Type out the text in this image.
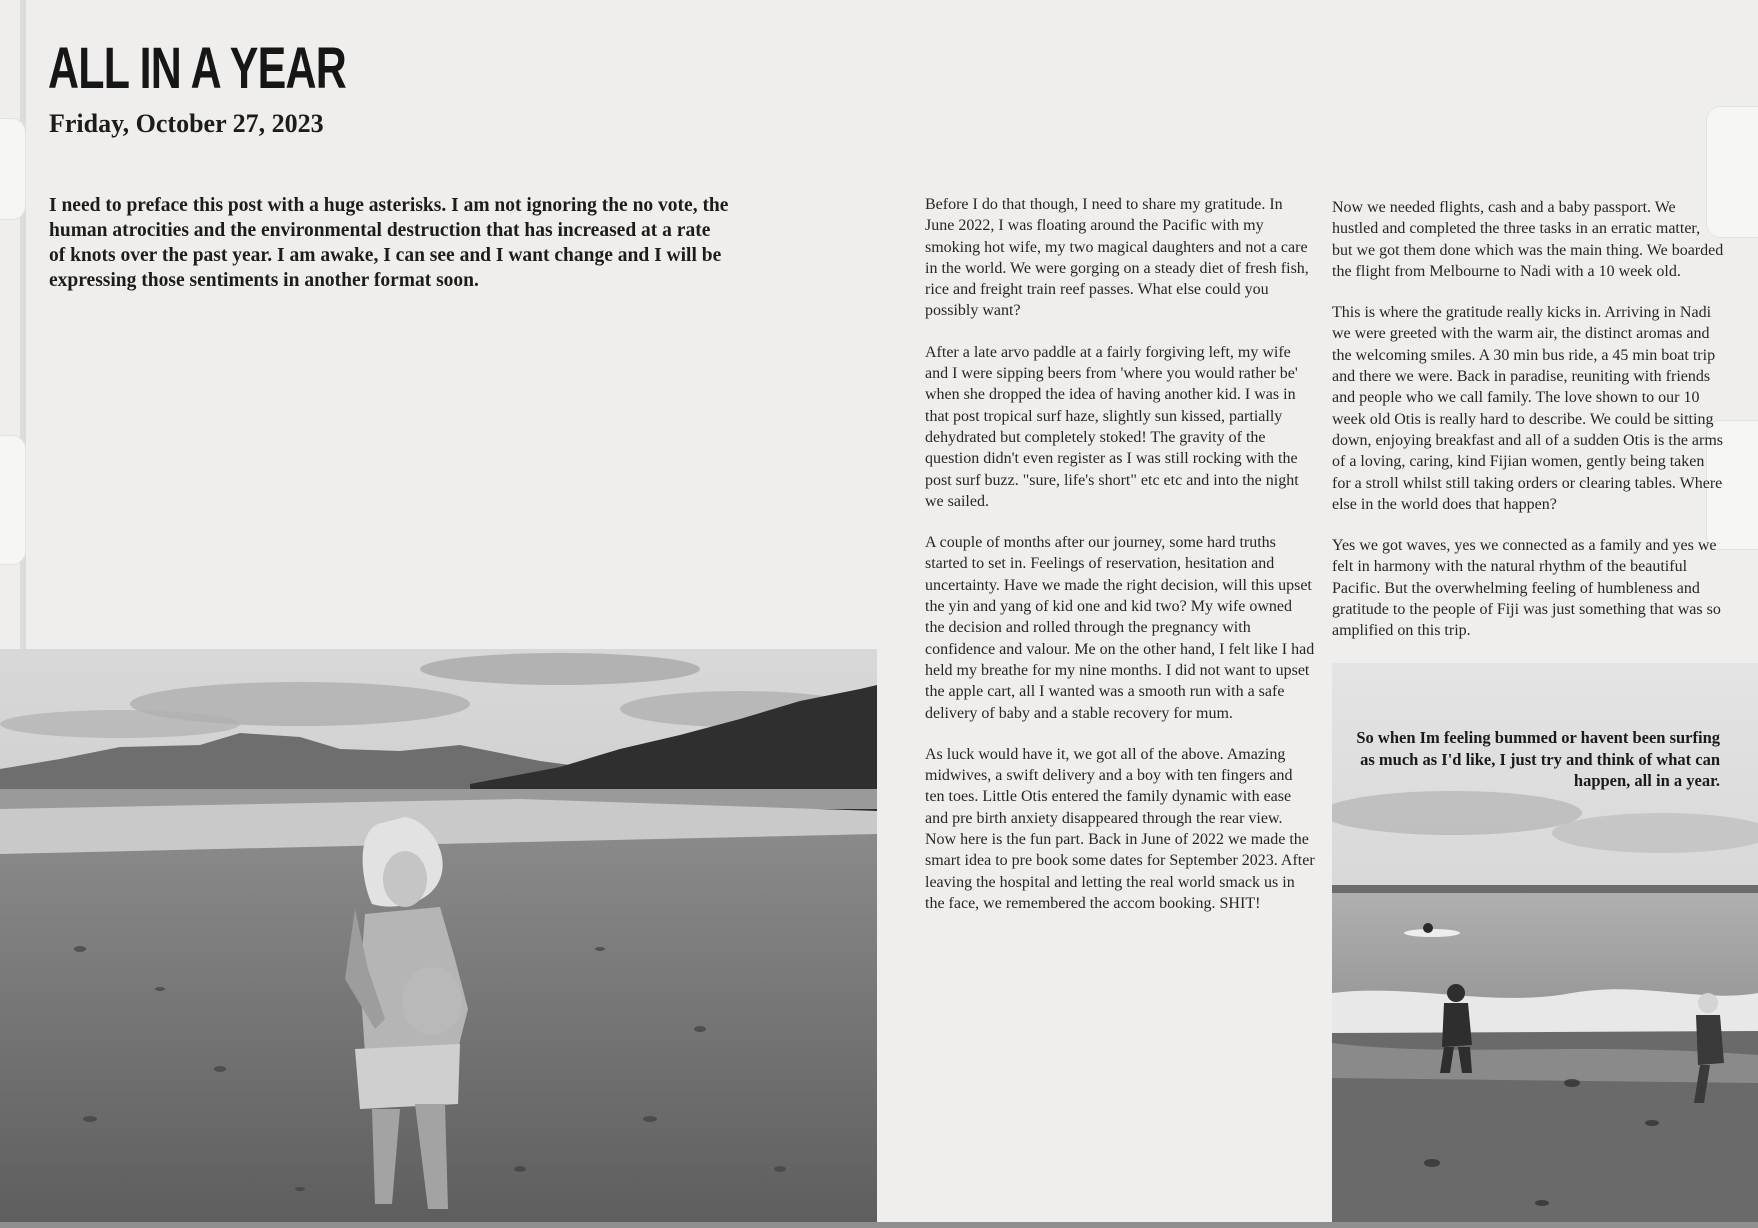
ALL IN A YEAR
Friday, October 27, 2023

I need to preface this post with a huge asterisks. I am not ignoring the no vote, the human atrocities and the environmental destruction that has increased at a rate of knots over the past year. I am awake, I can see and I want change and I will be expressing those sentiments in another format soon.

Before I do that though, I need to share my gratitude. In June 2022, I was floating around the Pacific with my smoking hot wife, my two magical daughters and not a care in the world. We were gorging on a steady diet of fresh fish, rice and freight train reef passes. What else could you possibly want?

After a late arvo paddle at a fairly forgiving left, my wife and I were sipping beers from 'where you would rather be' when she dropped the idea of having another kid. I was in that post tropical surf haze, slightly sun kissed, partially dehydrated but completely stoked! The gravity of the question didn't even register as I was still rocking with the post surf buzz. "sure, life's short" etc etc and into the night we sailed.

A couple of months after our journey, some hard truths started to set in. Feelings of reservation, hesitation and uncertainty. Have we made the right decision, will this upset the yin and yang of kid one and kid two? My wife owned the decision and rolled through the pregnancy with confidence and valour. Me on the other hand, I felt like I had held my breathe for my nine months. I did not want to upset the apple cart, all I wanted was a smooth run with a safe delivery of baby and a stable recovery for mum.

As luck would have it, we got all of the above. Amazing midwives, a swift delivery and a boy with ten fingers and ten toes. Little Otis entered the family dynamic with ease and pre birth anxiety disappeared through the rear view. Now here is the fun part. Back in June of 2022 we made the smart idea to pre book some dates for September 2023. After leaving the hospital and letting the real world smack us in the face, we remembered the accom booking. SHIT!

Now we needed flights, cash and a baby passport. We hustled and completed the three tasks in an erratic matter, but we got them done which was the main thing. We boarded the flight from Melbourne to Nadi with a 10 week old.

This is where the gratitude really kicks in. Arriving in Nadi we were greeted with the warm air, the distinct aromas and the welcoming smiles. A 30 min bus ride, a 45 min boat trip and there we were. Back in paradise, reuniting with friends and people who we call family. The love shown to our 10 week old Otis is really hard to describe. We could be sitting down, enjoying breakfast and all of a sudden Otis is the arms of a loving, caring, kind Fijian women, gently being taken for a stroll whilst still taking orders or clearing tables. Where else in the world does that happen?

Yes we got waves, yes we connected as a family and yes we felt in harmony with the natural rhythm of the beautiful Pacific. But the overwhelming feeling of humbleness and gratitude to the people of Fiji was just something that was so amplified on this trip.

So when Im feeling bummed or havent been surfing as much as I'd like, I just try and think of what can happen, all in a year.
